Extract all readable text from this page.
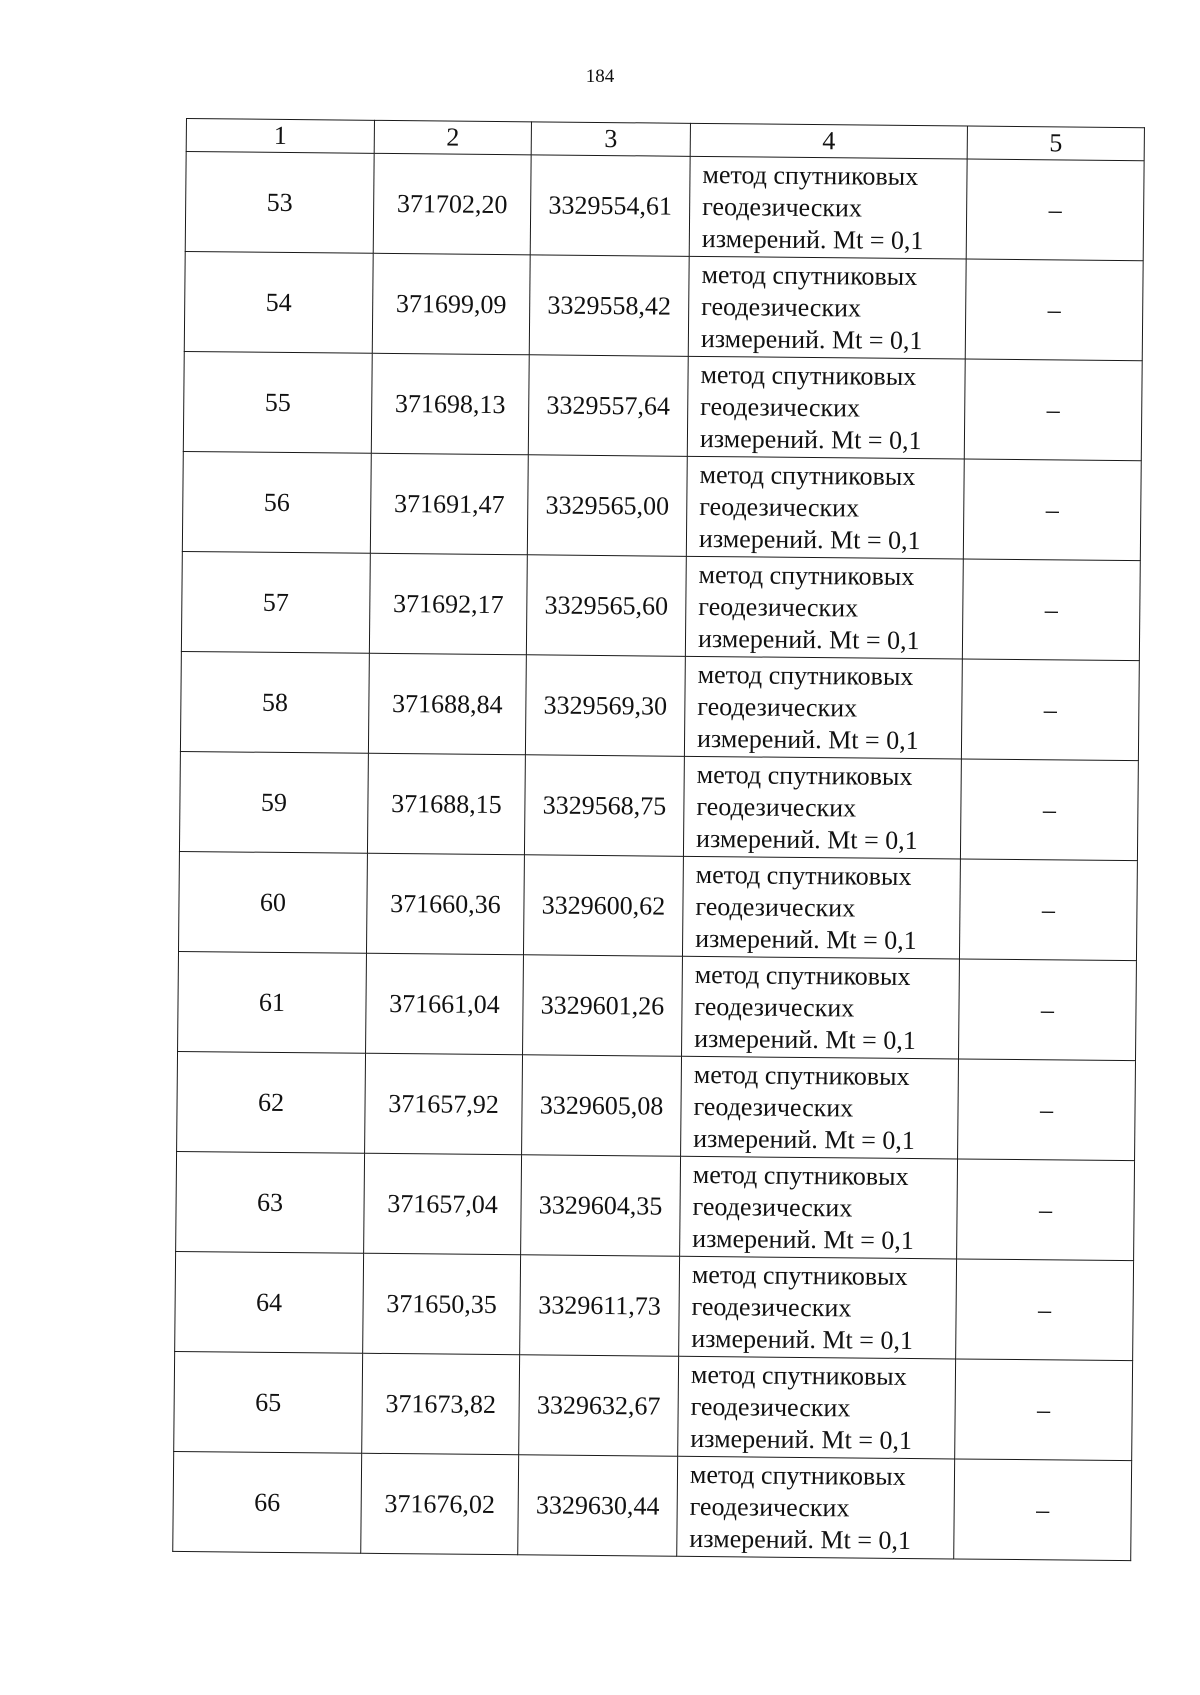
184
1	2	3	4	5
53	371702,20	3329554,61	метод спутниковых
геодезических
измерений. Mt = 0,1	–
54	371699,09	3329558,42	метод спутниковых
геодезических
измерений. Mt = 0,1	–
55	371698,13	3329557,64	метод спутниковых
геодезических
измерений. Mt = 0,1	–
56	371691,47	3329565,00	метод спутниковых
геодезических
измерений. Mt = 0,1	–
57	371692,17	3329565,60	метод спутниковых
геодезических
измерений. Mt = 0,1	–
58	371688,84	3329569,30	метод спутниковых
геодезических
измерений. Mt = 0,1	–
59	371688,15	3329568,75	метод спутниковых
геодезических
измерений. Mt = 0,1	–
60	371660,36	3329600,62	метод спутниковых
геодезических
измерений. Mt = 0,1	–
61	371661,04	3329601,26	метод спутниковых
геодезических
измерений. Mt = 0,1	–
62	371657,92	3329605,08	метод спутниковых
геодезических
измерений. Mt = 0,1	–
63	371657,04	3329604,35	метод спутниковых
геодезических
измерений. Mt = 0,1	–
64	371650,35	3329611,73	метод спутниковых
геодезических
измерений. Mt = 0,1	–
65	371673,82	3329632,67	метод спутниковых
геодезических
измерений. Mt = 0,1	–
66	371676,02	3329630,44	метод спутниковых
геодезических
измерений. Mt = 0,1	–
